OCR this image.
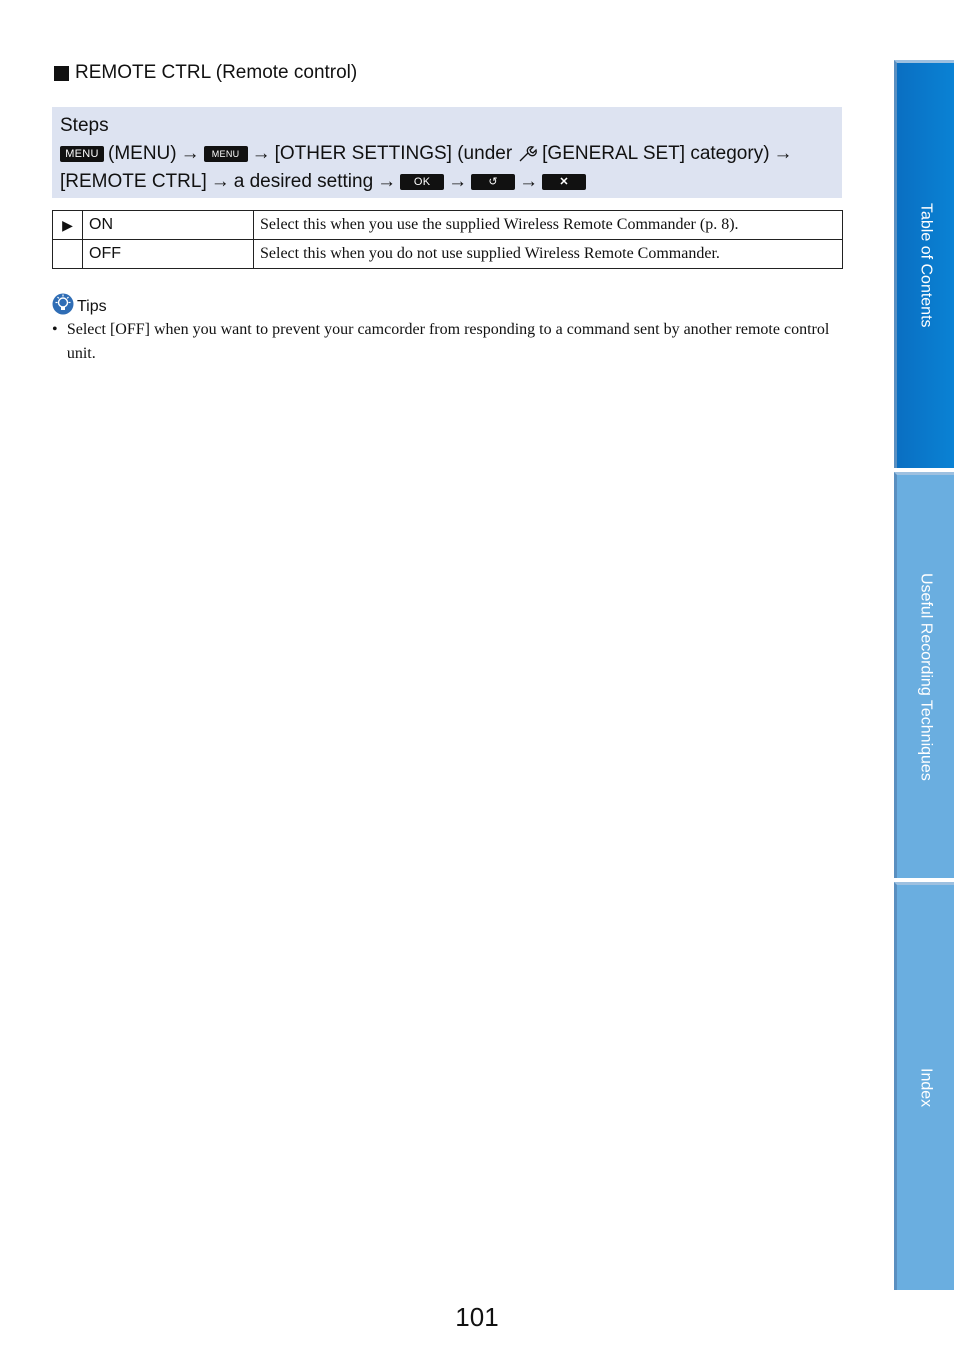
REMOTE CTRL (Remote control)
Steps
MENU (MENU) →	MENU → [OTHER SETTINGS] (under [GENERAL SET] category) →
[REMOTE CTRL] → a desired setting →	OK →	↺	→	✕
▶	ON	Select this when you use the supplied Wireless Remote Commander (p. 8).
	OFF	Select this when you do not use supplied Wireless Remote Commander.
Tips
• Select [OFF] when you want to prevent your camcorder from responding to a command sent by another remote control unit.
Table of Contents
Useful Recording Techniques
Index
101
